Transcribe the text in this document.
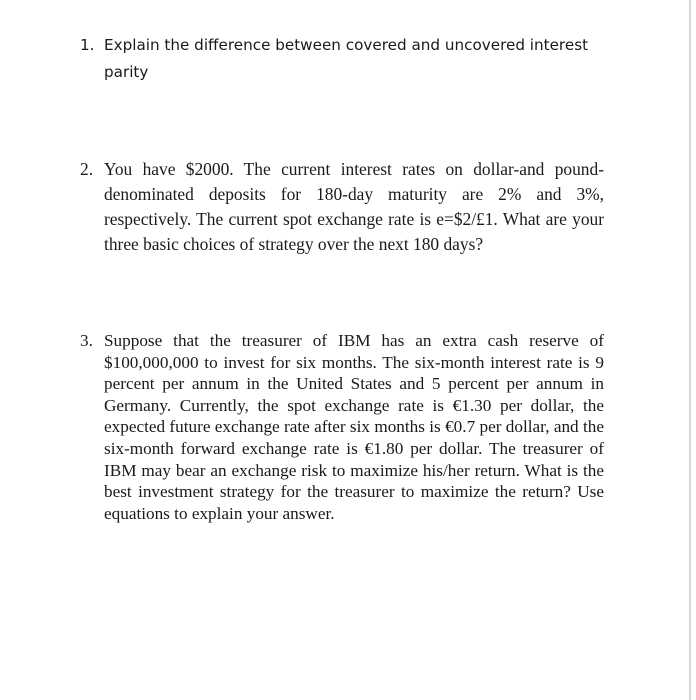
1. Explain the difference between covered and uncovered interest parity

2. You have $2000. The current interest rates on dollar-and pound-denominated deposits for 180-day maturity are 2% and 3%, respectively. The current spot exchange rate is e=$2/£1. What are your three basic choices of strategy over the next 180 days?

3. Suppose that the treasurer of IBM has an extra cash reserve of $100,000,000 to invest for six months. The six-month interest rate is 9 percent per annum in the United States and 5 percent per annum in Germany. Currently, the spot exchange rate is €1.30 per dollar, the expected future exchange rate after six months is €0.7 per dollar, and the six-month forward exchange rate is €1.80 per dollar. The treasurer of IBM may bear an exchange risk to maximize his/her return. What is the best investment strategy for the treasurer to maximize the return? Use equations to explain your answer.
